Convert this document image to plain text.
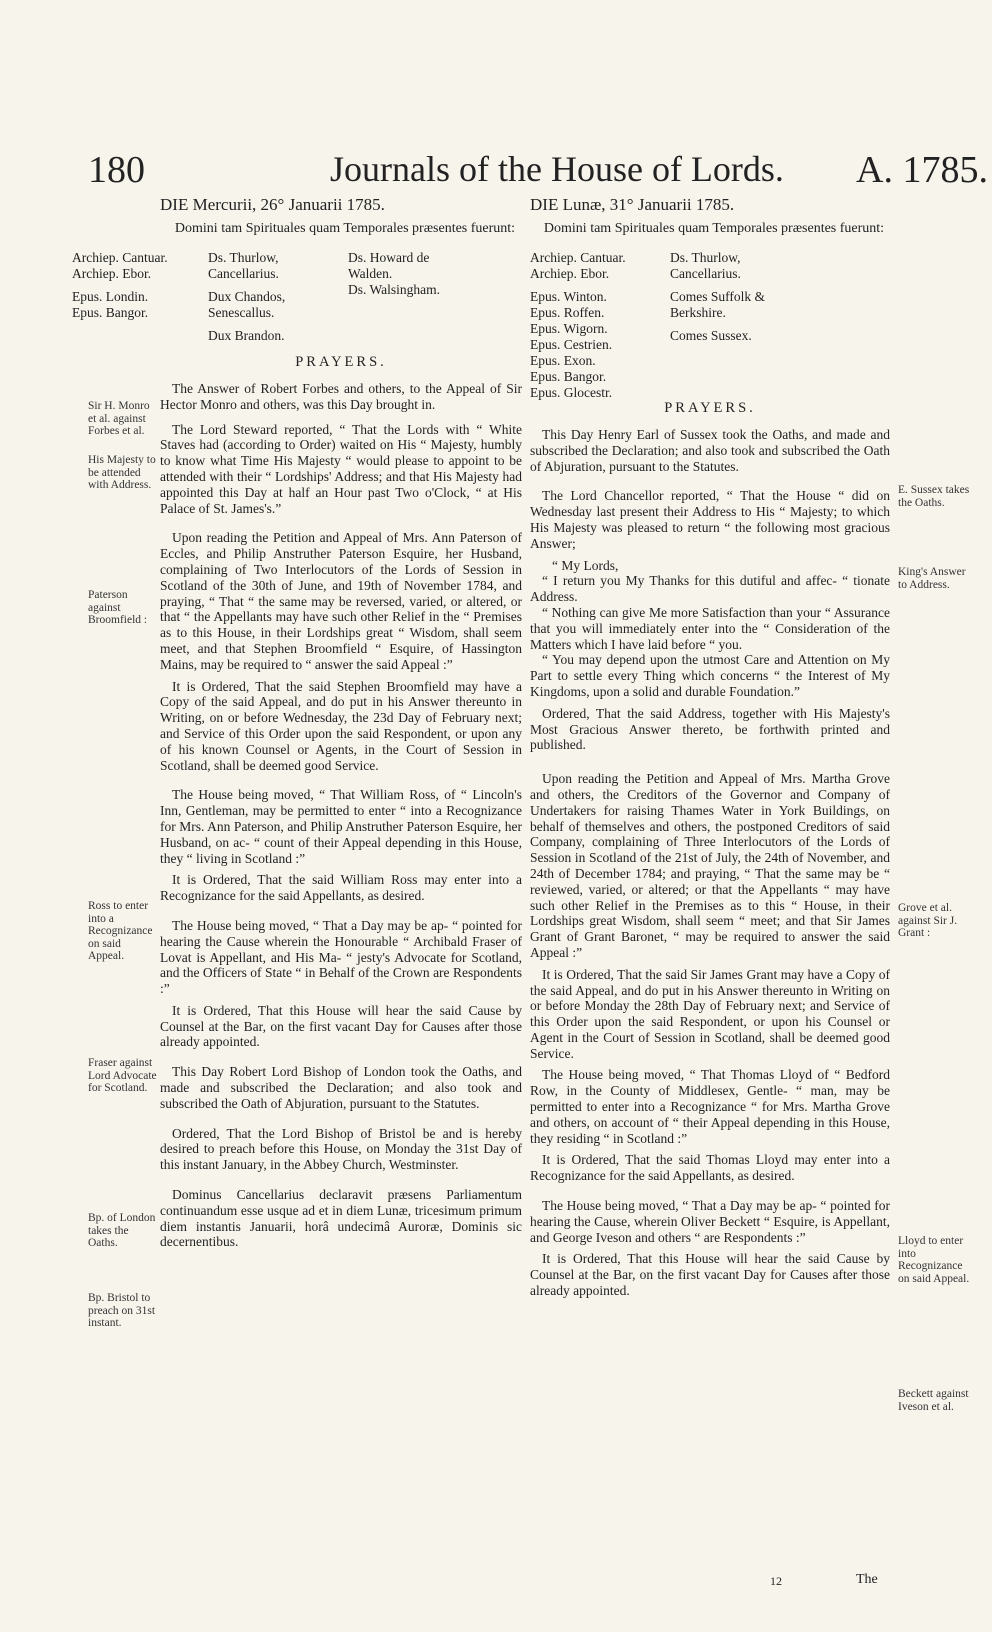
180	Journals of the House of Lords. A. 1785.
DIE Mercurii, 26° Januarii 1785.
Domini tam Spirituales quam Temporales præsentes fuerunt:
Archiep. Cantuar.
Archiep. Ebor.
Epus. Londin.
Epus. Bangor.
Ds. Thurlow, Cancellarius.
Dux Chandos, Senescallus.
Dux Brandon.
Ds. Howard de Walden.
Ds. Walsingham.
PRAYERS.

The Answer of Robert Forbes and others, to the Appeal of Sir Hector Monro and others, was this Day brought in.

The Lord Steward reported, “ That the Lords with “ White Staves had (according to Order) waited on His “ Majesty, humbly to know what Time His Majesty “ would please to appoint to be attended with their “ Lordships' Address; and that His Majesty had appointed this Day at half an Hour past Two o'Clock, “ at His Palace of St. James's.”

Upon reading the Petition and Appeal of Mrs. Ann Paterson of Eccles, and Philip Anstruther Paterson Esquire, her Husband, complaining of Two Interlocutors of the Lords of Session in Scotland of the 30th of June, and 19th of November 1784, and praying, “ That “ the same may be reversed, varied, or altered, or that “ the Appellants may have such other Relief in the “ Premises as to this House, in their Lordships great “ Wisdom, shall seem meet, and that Stephen Broomfield “ Esquire, of Hassington Mains, may be required to “ answer the said Appeal :”

It is Ordered, That the said Stephen Broomfield may have a Copy of the said Appeal, and do put in his Answer thereunto in Writing, on or before Wednesday, the 23d Day of February next; and Service of this Order upon the said Respondent, or upon any of his known Counsel or Agents, in the Court of Session in Scotland, shall be deemed good Service.

The House being moved, “ That William Ross, of “ Lincoln's Inn, Gentleman, may be permitted to enter “ into a Recognizance for Mrs. Ann Paterson, and Philip Anstruther Paterson Esquire, her Husband, on ac- “ count of their Appeal depending in this House, they “ living in Scotland :”

It is Ordered, That the said William Ross may enter into a Recognizance for the said Appellants, as desired.

The House being moved, “ That a Day may be ap- “ pointed for hearing the Cause wherein the Honourable “ Archibald Fraser of Lovat is Appellant, and His Ma- “ jesty's Advocate for Scotland, and the Officers of State “ in Behalf of the Crown are Respondents :”

It is Ordered, That this House will hear the said Cause by Counsel at the Bar, on the first vacant Day for Causes after those already appointed.

This Day Robert Lord Bishop of London took the Oaths, and made and subscribed the Declaration; and also took and subscribed the Oath of Abjuration, pursuant to the Statutes.

Ordered, That the Lord Bishop of Bristol be and is hereby desired to preach before this House, on Monday the 31st Day of this instant January, in the Abbey Church, Westminster.

Dominus Cancellarius declaravit præsens Parliamentum continuandum esse usque ad et in diem Lunæ, tricesimum primum diem instantis Januarii, horâ undecimâ Auroræ, Dominis sic decernentibus.

Sir H. Monro et al. against Forbes et al.
His Majesty to be attended with Address.
Paterson against Broomfield :
Ross to enter into a Recognizance on said Appeal.
Fraser against Lord Advocate for Scotland.
Bp. of London takes the Oaths.
Bp. Bristol to preach on 31st instant.
DIE Lunæ, 31° Januarii 1785.
Domini tam Spirituales quam Temporales præsentes fuerunt:
Archiep. Cantuar.
Archiep. Ebor.
Epus. Winton.
Epus. Roffen.
Epus. Wigorn.
Epus. Cestrien.
Epus. Exon.
Epus. Bangor.
Epus. Glocestr.
Ds. Thurlow, Cancellarius.
Comes Suffolk & Berkshire.
Comes Sussex.
PRAYERS.

This Day Henry Earl of Sussex took the Oaths, and made and subscribed the Declaration; and also took and subscribed the Oath of Abjuration, pursuant to the Statutes.

The Lord Chancellor reported, “ That the House “ did on Wednesday last present their Address to His “ Majesty; to which His Majesty was pleased to return “ the following most gracious Answer;

“ My Lords,

“ I return you My Thanks for this dutiful and affec- “ tionate Address.

“ Nothing can give Me more Satisfaction than your “ Assurance that you will immediately enter into the “ Consideration of the Matters which I have laid before “ you.

“ You may depend upon the utmost Care and Attention on My Part to settle every Thing which concerns “ the Interest of My Kingdoms, upon a solid and durable Foundation.”

Ordered, That the said Address, together with His Majesty's Most Gracious Answer thereto, be forthwith printed and published.

Upon reading the Petition and Appeal of Mrs. Martha Grove and others, the Creditors of the Governor and Company of Undertakers for raising Thames Water in York Buildings, on behalf of themselves and others, the postponed Creditors of said Company, complaining of Three Interlocutors of the Lords of Session in Scotland of the 21st of July, the 24th of November, and 24th of December 1784; and praying, “ That the same may be “ reviewed, varied, or altered; or that the Appellants “ may have such other Relief in the Premises as to this “ House, in their Lordships great Wisdom, shall seem “ meet; and that Sir James Grant of Grant Baronet, “ may be required to answer the said Appeal :”

It is Ordered, That the said Sir James Grant may have a Copy of the said Appeal, and do put in his Answer thereunto in Writing on or before Monday the 28th Day of February next; and Service of this Order upon the said Respondent, or upon his Counsel or Agent in the Court of Session in Scotland, shall be deemed good Service.

The House being moved, “ That Thomas Lloyd of “ Bedford Row, in the County of Middlesex, Gentle- “ man, may be permitted to enter into a Recognizance “ for Mrs. Martha Grove and others, on account of “ their Appeal depending in this House, they residing “ in Scotland :”

It is Ordered, That the said Thomas Lloyd may enter into a Recognizance for the said Appellants, as desired.

The House being moved, “ That a Day may be ap- “ pointed for hearing the Cause, wherein Oliver Beckett “ Esquire, is Appellant, and George Iveson and others “ are Respondents :”

It is Ordered, That this House will hear the said Cause by Counsel at the Bar, on the first vacant Day for Causes after those already appointed.

E. Sussex takes the Oaths.
King's Answer to Address.
Grove et al. against Sir J. Grant :
Lloyd to enter into Recognizance on said Appeal.
Beckett against Iveson et al.
12	The
